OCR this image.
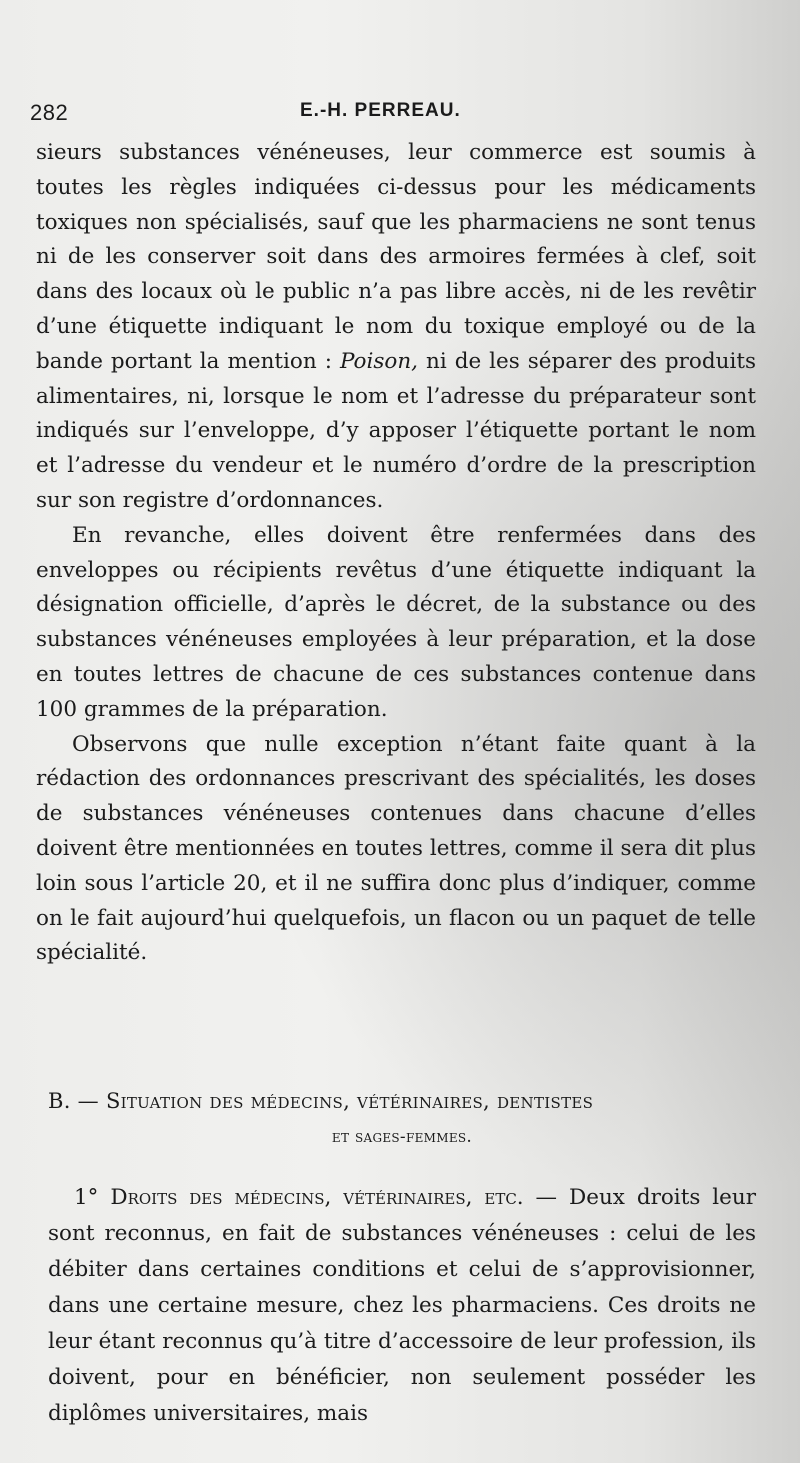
282	E.-H. PERREAU.

sieurs substances vénéneuses, leur commerce est soumis à toutes les règles indiquées ci-dessus pour les médicaments toxiques non spécialisés, sauf que les pharmaciens ne sont tenus ni de les conserver soit dans des armoires fermées à clef, soit dans des locaux où le public n’a pas libre accès, ni de les revêtir d’une étiquette indiquant le nom du toxique employé ou de la bande portant la mention : Poison, ni de les séparer des produits alimentaires, ni, lorsque le nom et l’adresse du préparateur sont indiqués sur l’enveloppe, d’y apposer l’étiquette portant le nom et l’adresse du vendeur et le numéro d’ordre de la prescription sur son registre d’ordonnances.

En revanche, elles doivent être renfermées dans des enveloppes ou récipients revêtus d’une étiquette indiquant la désignation officielle, d’après le décret, de la substance ou des substances vénéneuses employées à leur préparation, et la dose en toutes lettres de chacune de ces substances contenue dans 100 grammes de la préparation.

Observons que nulle exception n’étant faite quant à la rédaction des ordonnances prescrivant des spécialités, les doses de substances vénéneuses contenues dans chacune d’elles doivent être mentionnées en toutes lettres, comme il sera dit plus loin sous l’article 20, et il ne suffira donc plus d’indiquer, comme on le fait aujourd’hui quelquefois, un flacon ou un paquet de telle spécialité.

B. — Situation des médecins, vétérinaires, dentistes
et sages-femmes.

1° Droits des médecins, vétérinaires, etc. — Deux droits leur sont reconnus, en fait de substances vénéneuses : celui de les débiter dans certaines conditions et celui de s’approvisionner, dans une certaine mesure, chez les pharmaciens. Ces droits ne leur étant reconnus qu’à titre d’accessoire de leur profession, ils doivent, pour en bénéficier, non seulement posséder les diplômes universitaires, mais
